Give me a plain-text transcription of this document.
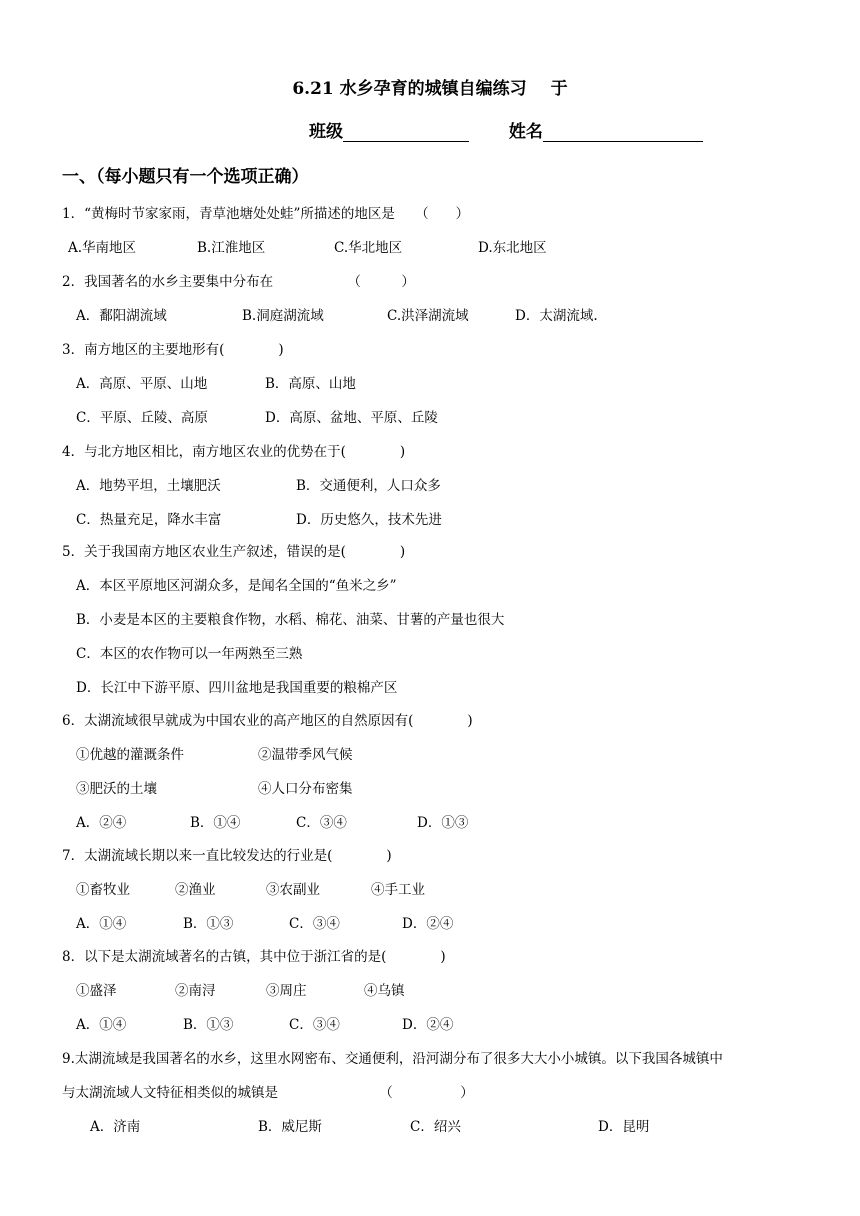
6.21 水乡孕育的城镇自编练习 于
班级	姓名
一、（每小题只有一个选项正确）
1．“黄梅时节家家雨，青草池塘处处蛙”所描述的地区是　　（　　）
A.华南地区	B.江淮地区	C.华北地区	D.东北地区
2．我国著名的水乡主要集中分布在　　　　　　（　　　）
A．鄱阳湖流域	B.洞庭湖流域	C.洪泽湖流域	D．太湖流域.
3．南方地区的主要地形有(　　　　)
A．高原、平原、山地	B．高原、山地
C．平原、丘陵、高原	D．高原、盆地、平原、丘陵
4．与北方地区相比，南方地区农业的优势在于(　　　　)
A．地势平坦，土壤肥沃	B．交通便利，人口众多
C．热量充足，降水丰富	D．历史悠久，技术先进
5．关于我国南方地区农业生产叙述，错误的是(　　　　)
A．本区平原地区河湖众多，是闻名全国的“鱼米之乡”
B．小麦是本区的主要粮食作物，水稻、棉花、油菜、甘薯的产量也很大
C．本区的农作物可以一年两熟至三熟
D．长江中下游平原、四川盆地是我国重要的粮棉产区
6．太湖流域很早就成为中国农业的高产地区的自然原因有(　　　　)
①优越的灌溉条件	②温带季风气候
③肥沃的土壤	④人口分布密集
A．②④	B．①④	C．③④	D．①③
7．太湖流域长期以来一直比较发达的行业是(　　　　)
①畜牧业	②渔业	③农副业	④手工业
A．①④	B．①③	C．③④	D．②④
8．以下是太湖流域著名的古镇，其中位于浙江省的是(　　　　)
①盛泽	②南浔	③周庄	④乌镇
A．①④	B．①③	C．③④	D．②④
9.太湖流域是我国著名的水乡，这里水网密布、交通便利，沿河湖分布了很多大大小小城镇。以下我国各城镇中
与太湖流域人文特征相类似的城镇是　　　　　　　　（　　　　　）
A．济南	B．威尼斯	C．绍兴	D．昆明
